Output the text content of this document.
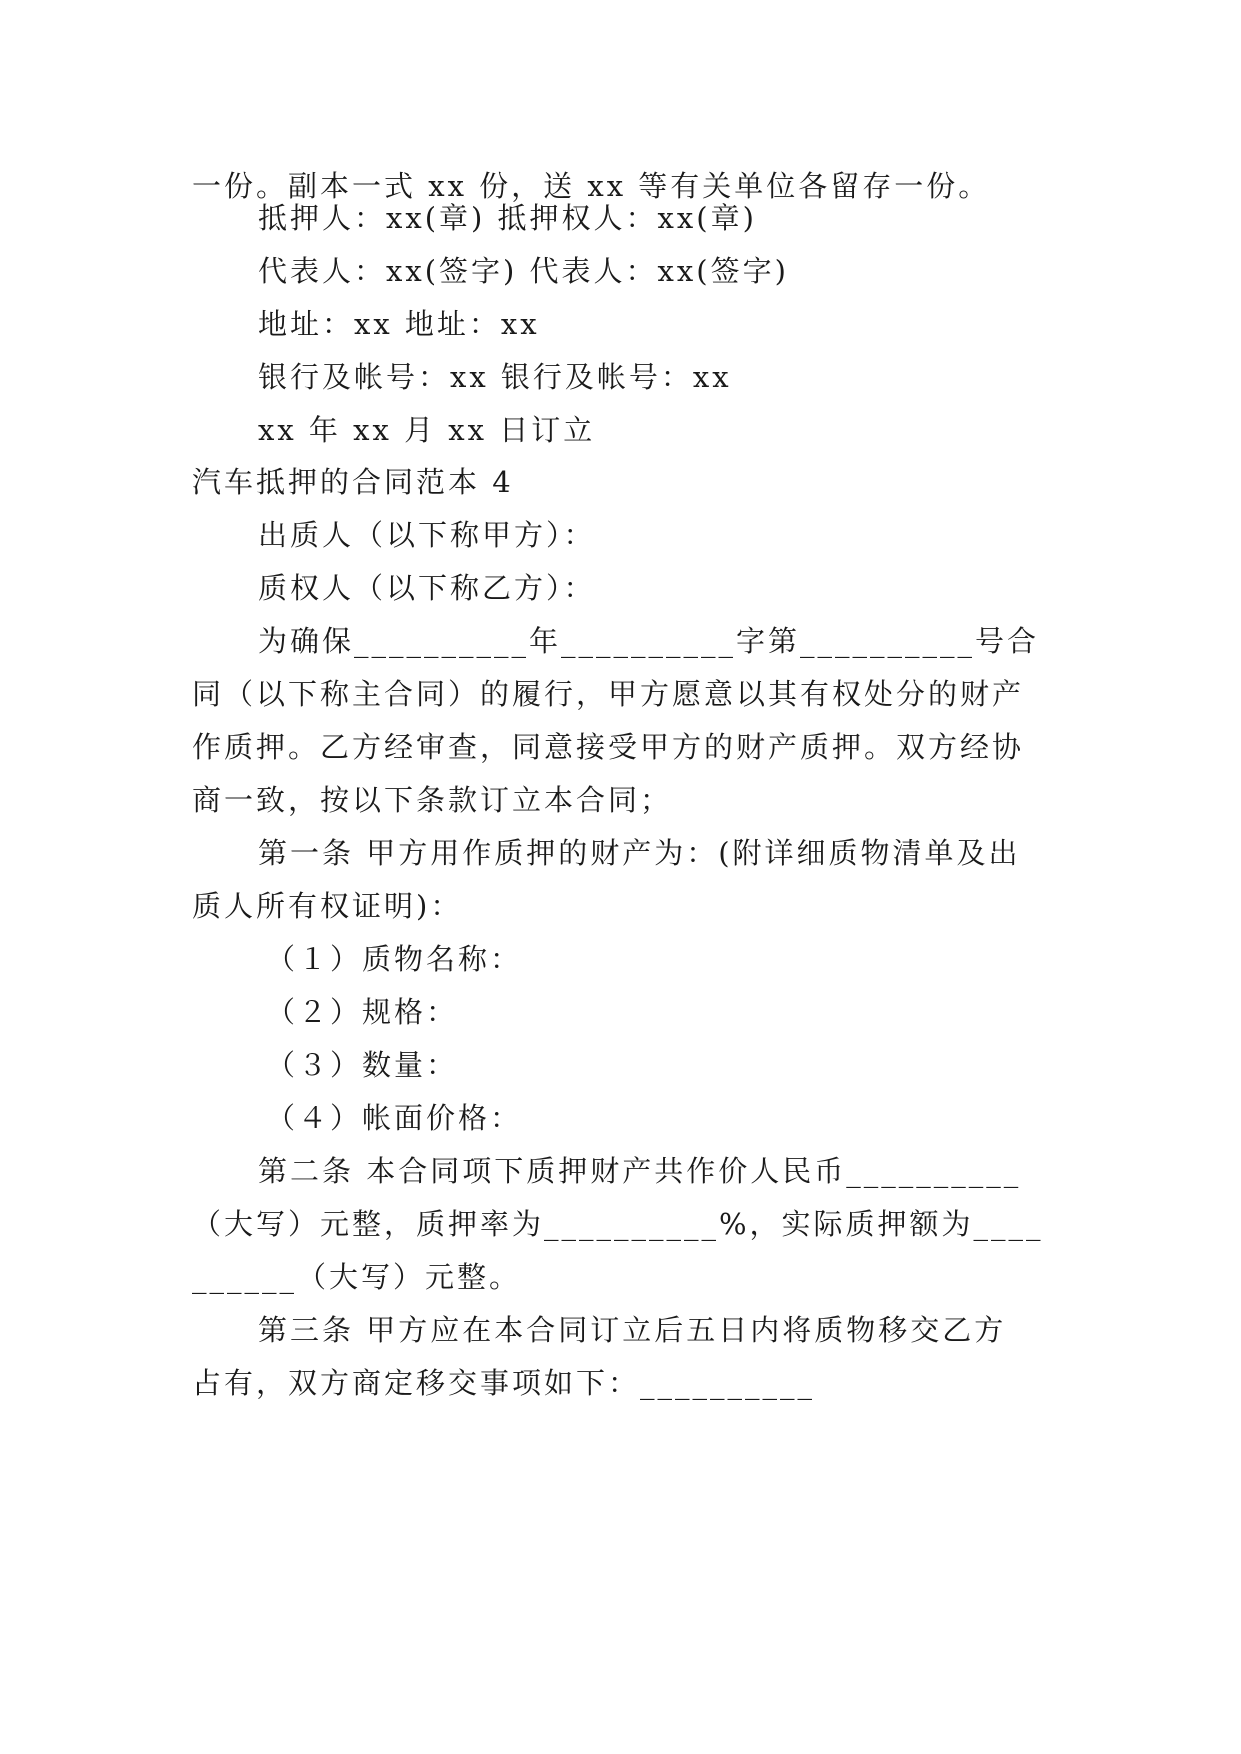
一份。副本一式 xx 份，送 xx 等有关单位各留存一份。
抵押人：xx(章) 抵押权人：xx(章)
代表人：xx(签字) 代表人：xx(签字)
地址：xx 地址：xx
银行及帐号：xx 银行及帐号：xx
xx 年 xx 月 xx 日订立
汽车抵押的合同范本 4
出质人（以下称甲方）：
质权人（以下称乙方）：
为确保__________年__________字第__________号合
同（以下称主合同）的履行，甲方愿意以其有权处分的财产
作质押。乙方经审查，同意接受甲方的财产质押。双方经协
商一致，按以下条款订立本合同；
第一条 甲方用作质押的财产为：(附详细质物清单及出
质人所有权证明)：
（１）质物名称：
（２）规格：
（３）数量：
（４）帐面价格：
第二条 本合同项下质押财产共作价人民币__________
（大写）元整，质押率为__________%，实际质押额为____
______（大写）元整。
第三条 甲方应在本合同订立后五日内将质物移交乙方
占有，双方商定移交事项如下：__________
